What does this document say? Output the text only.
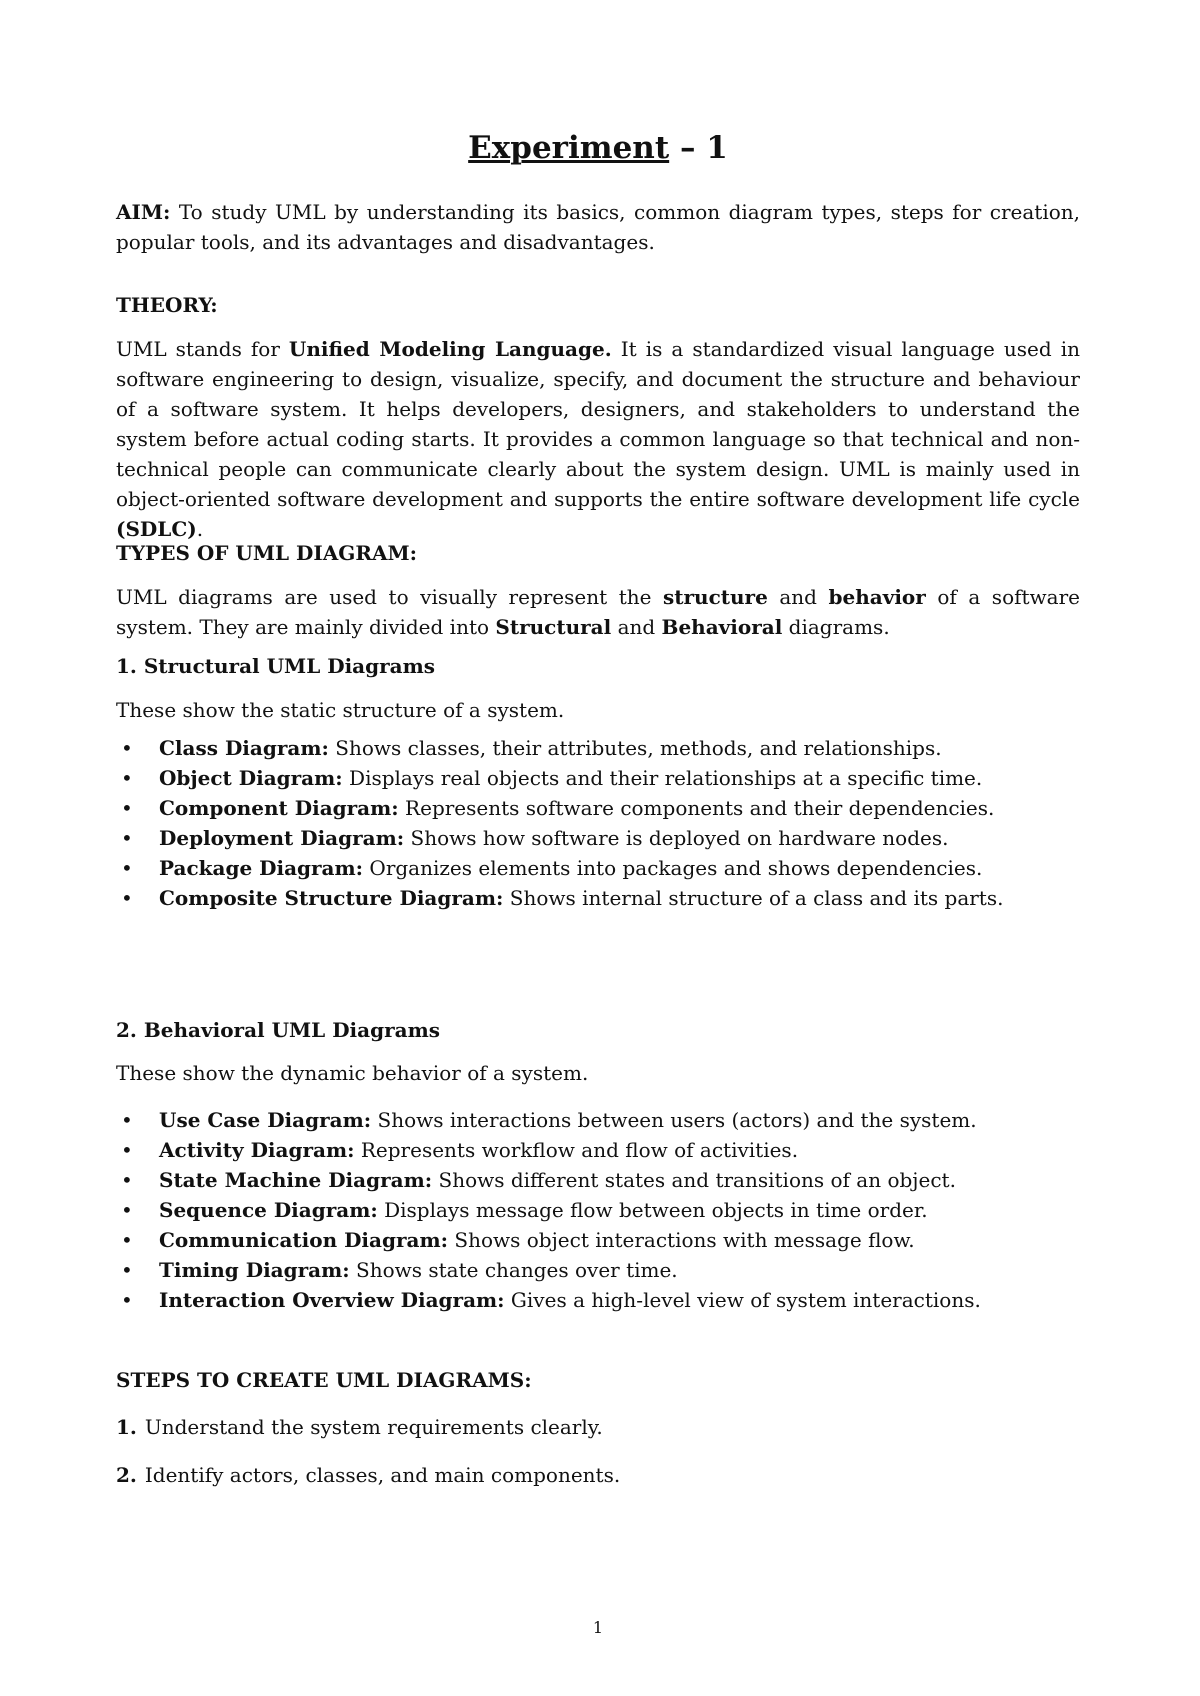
Experiment – 1

AIM: To study UML by understanding its basics, common diagram types, steps for creation, popular tools, and its advantages and disadvantages.

THEORY:

UML stands for Unified Modeling Language. It is a standardized visual language used in software engineering to design, visualize, specify, and document the structure and behaviour of a software system. It helps developers, designers, and stakeholders to understand the system before actual coding starts. It provides a common language so that technical and non-technical people can communicate clearly about the system design. UML is mainly used in object-oriented software development and supports the entire software development life cycle (SDLC).

TYPES OF UML DIAGRAM:

UML diagrams are used to visually represent the structure and behavior of a software system. They are mainly divided into Structural and Behavioral diagrams.

1. Structural UML Diagrams

These show the static structure of a system.

• Class Diagram: Shows classes, their attributes, methods, and relationships.
• Object Diagram: Displays real objects and their relationships at a specific time.
• Component Diagram: Represents software components and their dependencies.
• Deployment Diagram: Shows how software is deployed on hardware nodes.
• Package Diagram: Organizes elements into packages and shows dependencies.
• Composite Structure Diagram: Shows internal structure of a class and its parts.

2. Behavioral UML Diagrams

These show the dynamic behavior of a system.

• Use Case Diagram: Shows interactions between users (actors) and the system.
• Activity Diagram: Represents workflow and flow of activities.
• State Machine Diagram: Shows different states and transitions of an object.
• Sequence Diagram: Displays message flow between objects in time order.
• Communication Diagram: Shows object interactions with message flow.
• Timing Diagram: Shows state changes over time.
• Interaction Overview Diagram: Gives a high-level view of system interactions.

STEPS TO CREATE UML DIAGRAMS:

1. Understand the system requirements clearly.

2. Identify actors, classes, and main components.

1
